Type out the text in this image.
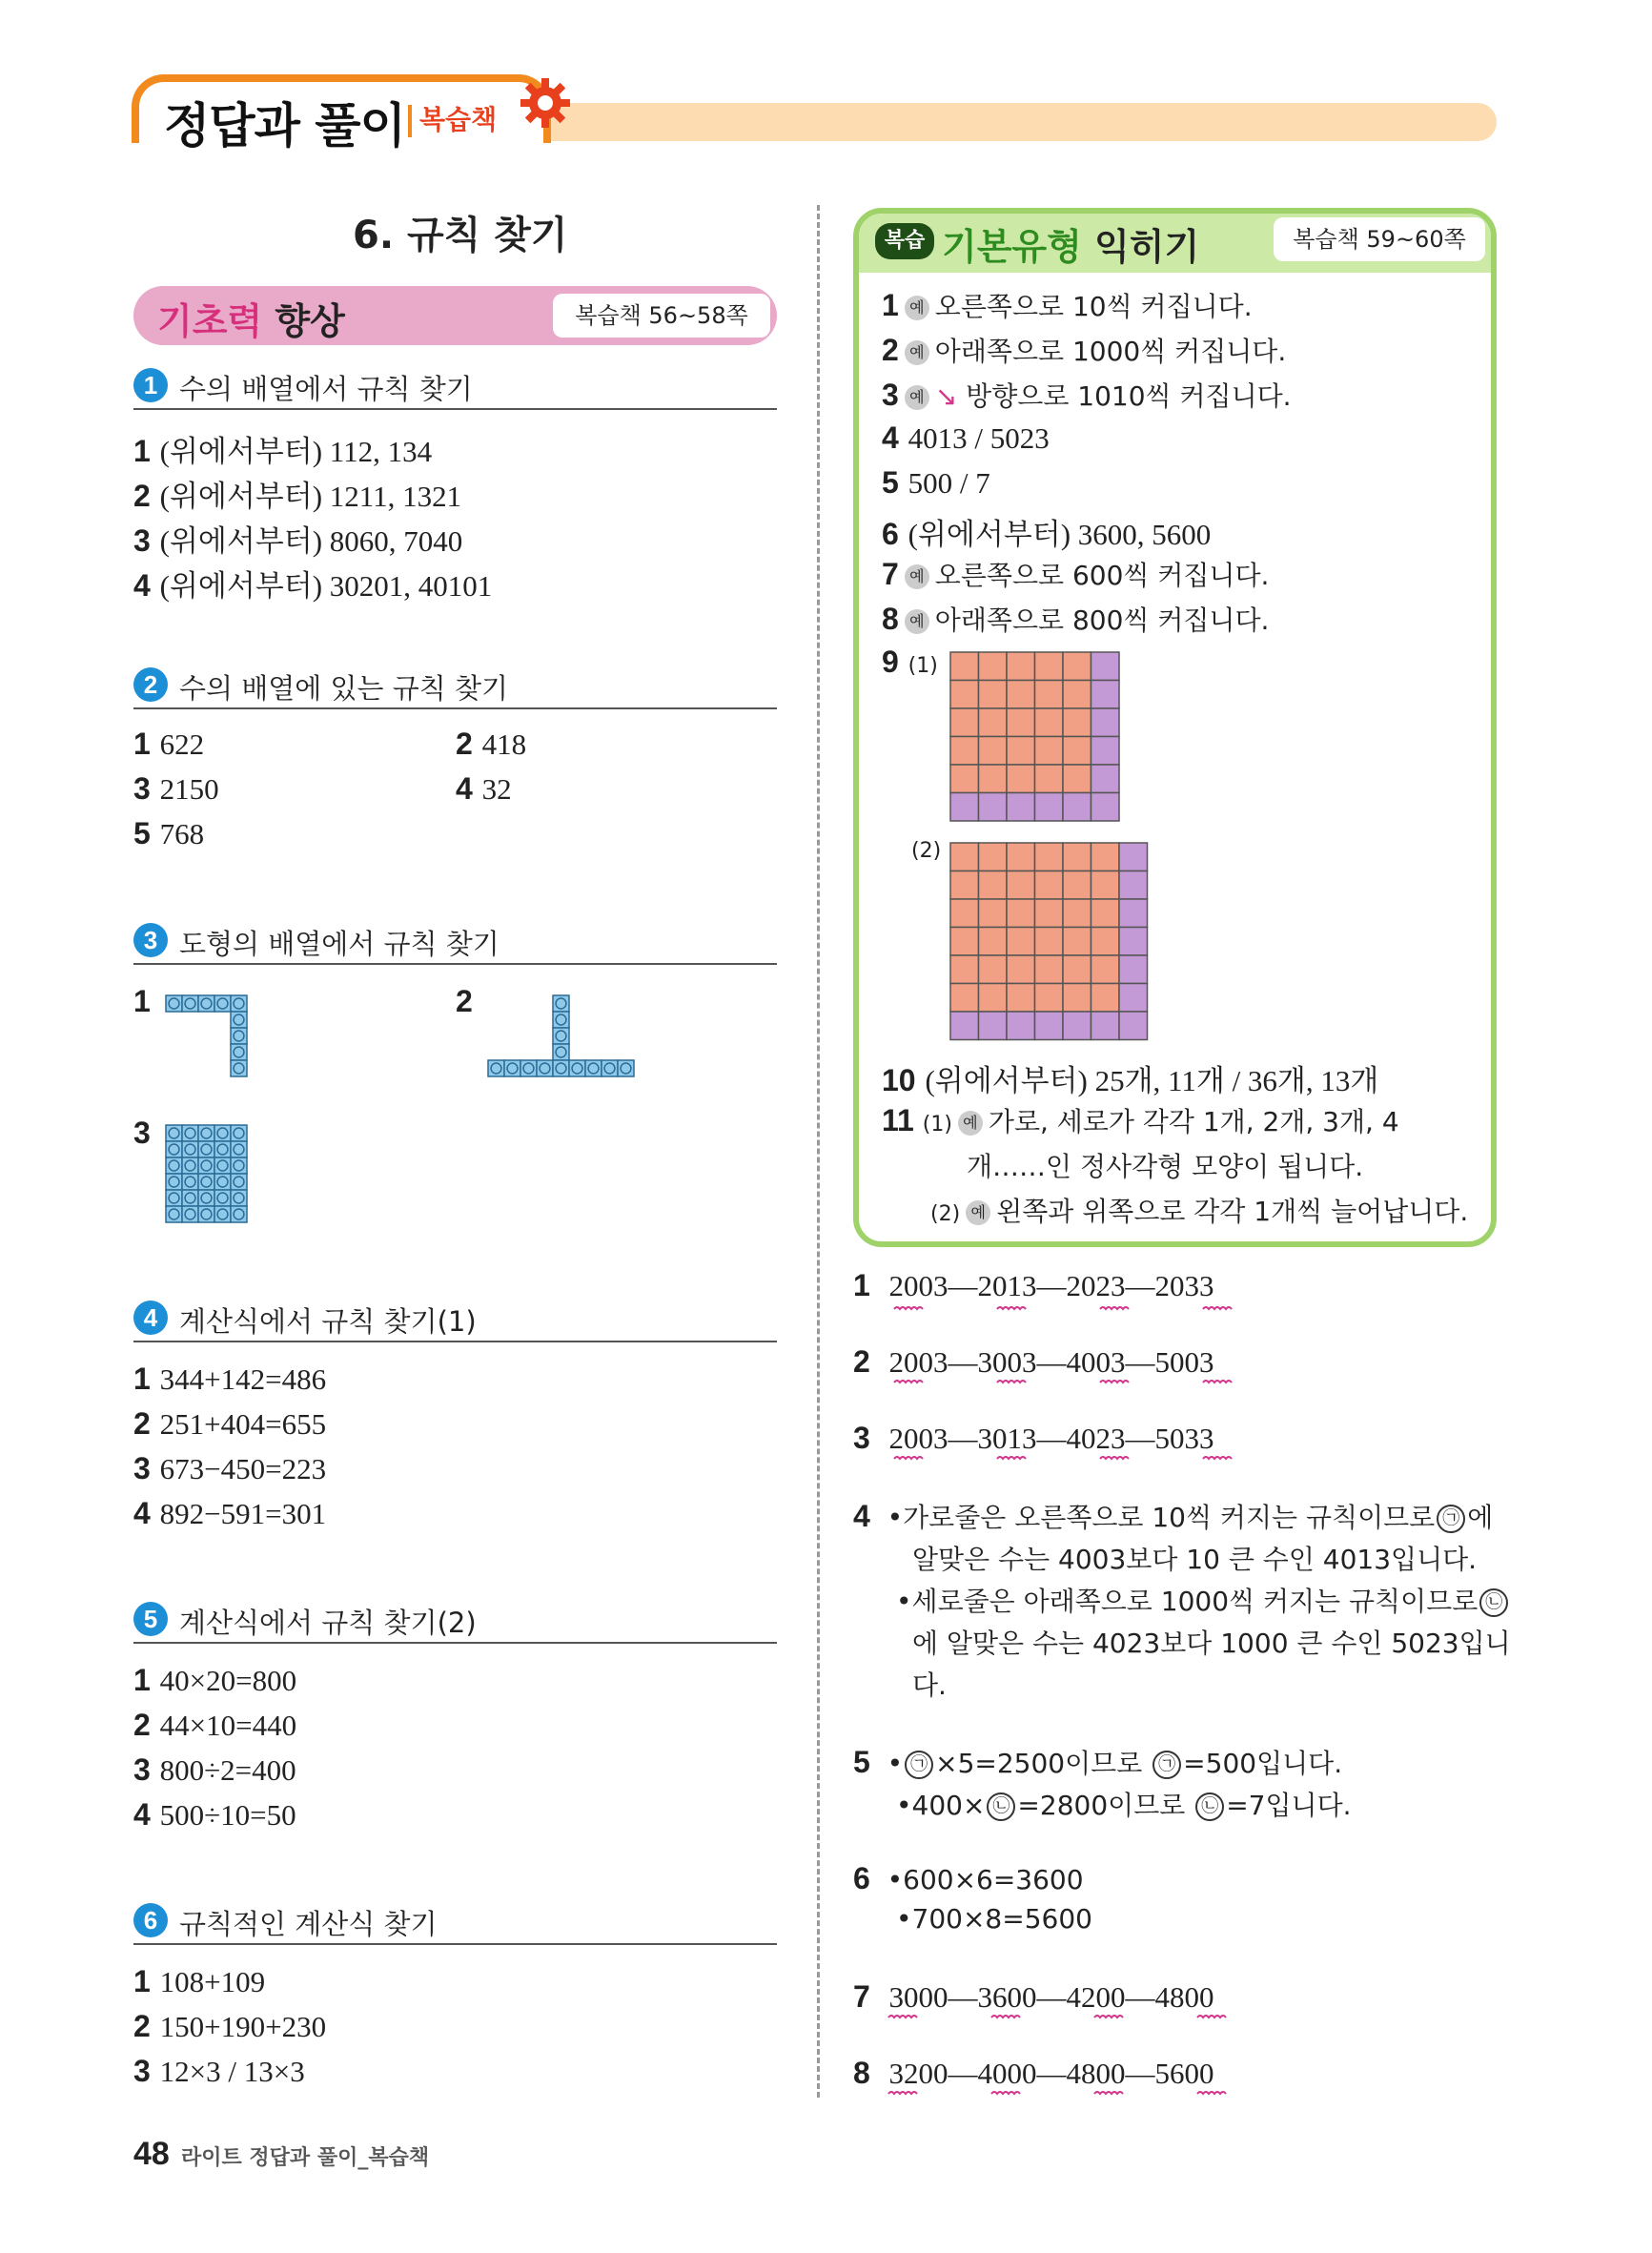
정답과 풀이 복습책
6. 규칙 찾기
기초력 향상	복습책 56~58쪽
1 수의 배열에서 규칙 찾기
1 (위에서부터) 112, 134
2 (위에서부터) 1211, 1321
3 (위에서부터) 8060, 7040
4 (위에서부터) 30201, 40101
2 수의 배열에 있는 규칙 찾기
1 622	2 418
3 2150	4 32
5 768
3 도형의 배열에서 규칙 찾기
1	2
3
4 계산식에서 규칙 찾기(1)
1 344+142=486
2 251+404=655
3 673−450=223
4 892−591=301
5 계산식에서 규칙 찾기(2)
1 40×20=800
2 44×10=440
3 800÷2=400
4 500÷10=50
6 규칙적인 계산식 찾기
1 108+109
2 150+190+230
3 12×3 / 13×3
복습 기본유형 익히기	복습책 59~60쪽
1 예 오른쪽으로 10씩 커집니다.
2 예 아래쪽으로 1000씩 커집니다.
3 예 ↘ 방향으로 1010씩 커집니다.
4 4013 / 5023
5 500 / 7
6 (위에서부터) 3600, 5600
7 예 오른쪽으로 600씩 커집니다.
8 예 아래쪽으로 800씩 커집니다.
9 (1)
(2)
10 (위에서부터) 25개, 11개 / 36개, 13개
11 (1) 예 가로, 세로가 각각 1개, 2개, 3개, 4
개……인 정사각형 모양이 됩니다.
(2) 예 왼쪽과 위쪽으로 각각 1개씩 늘어납니다.
1 2003—2013—2023—2033
2 2003—3003—4003—5003
3 2003—3013—4023—5033
4 •가로줄은 오른쪽으로 10씩 커지는 규칙이므로 ㉠ 에
알맞은 수는 4003보다 10 큰 수인 4013입니다.
•세로줄은 아래쪽으로 1000씩 커지는 규칙이므로 ㉡
에 알맞은 수는 4023보다 1000 큰 수인 5023입니
다.
5 • ㉠ ×5=2500이므로 ㉠ =500입니다.
•400× ㉡ =2800이므로 ㉡ =7입니다.
6 •600×6=3600
•700×8=5600
7 3000—3600—4200—4800
8 3200—4000—4800—5600
48 라이트 정답과 풀이_복습책
